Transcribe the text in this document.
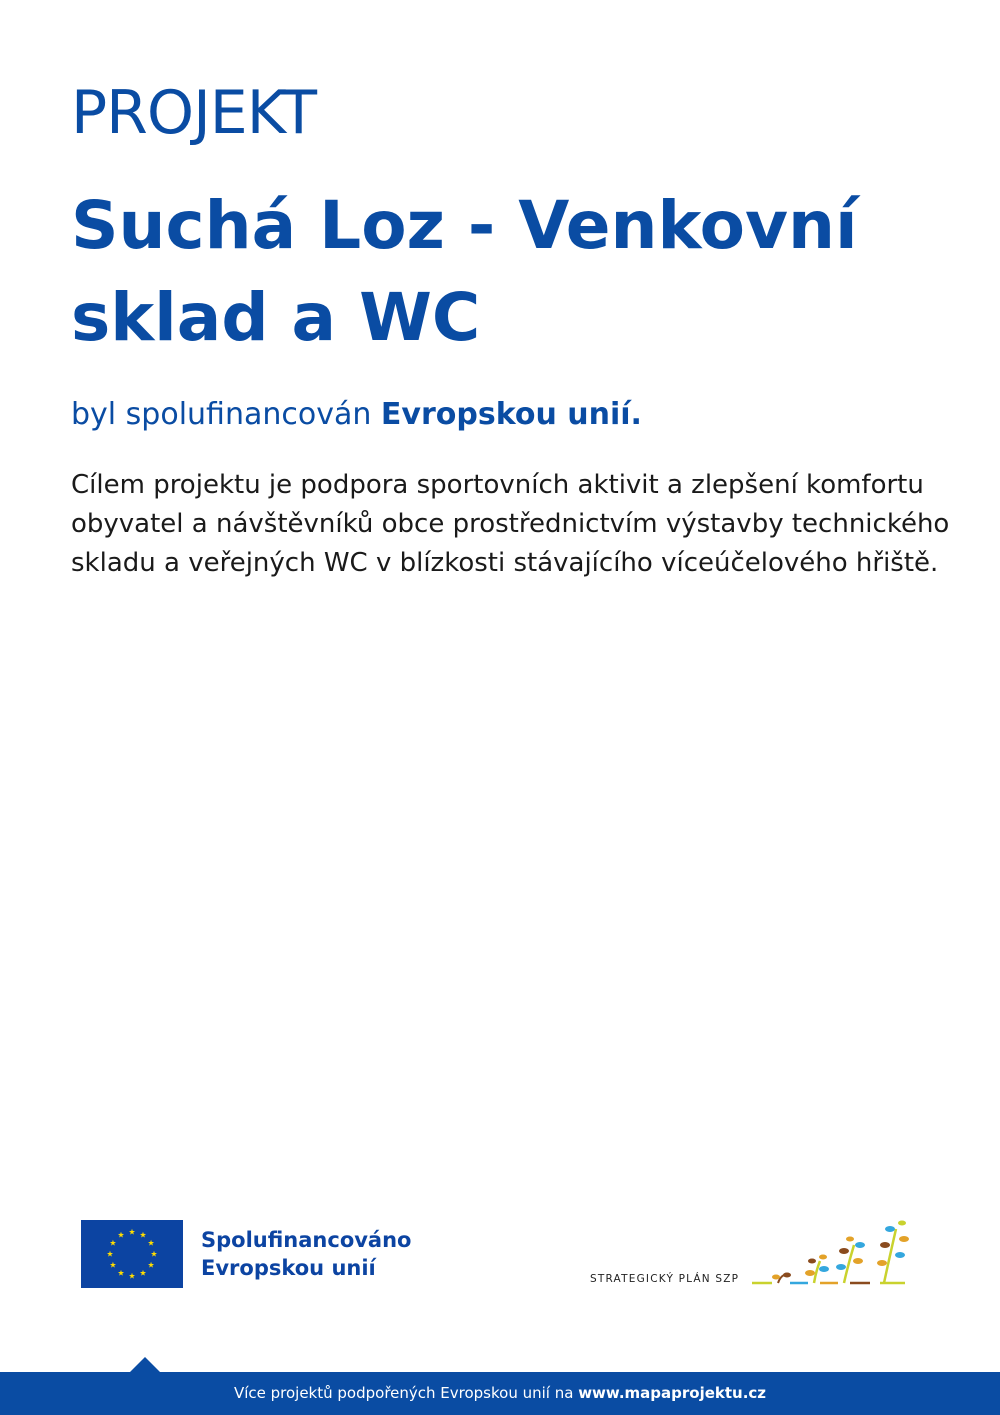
PROJEKT
Suchá Loz - Venkovní sklad a WC

byl spolufinancován Evropskou unií.

Cílem projektu je podpora sportovních aktivit a zlepšení komfortu obyvatel a návštěvníků obce prostřednictvím výstavby technického skladu a veřejných WC v blízkosti stávajícího víceúčelového hřiště.

Spolufinancováno
Evropskou unií	STRATEGICKÝ PLÁN SZP
Více projektů podpořených Evropskou unií na www.mapaprojektu.cz
